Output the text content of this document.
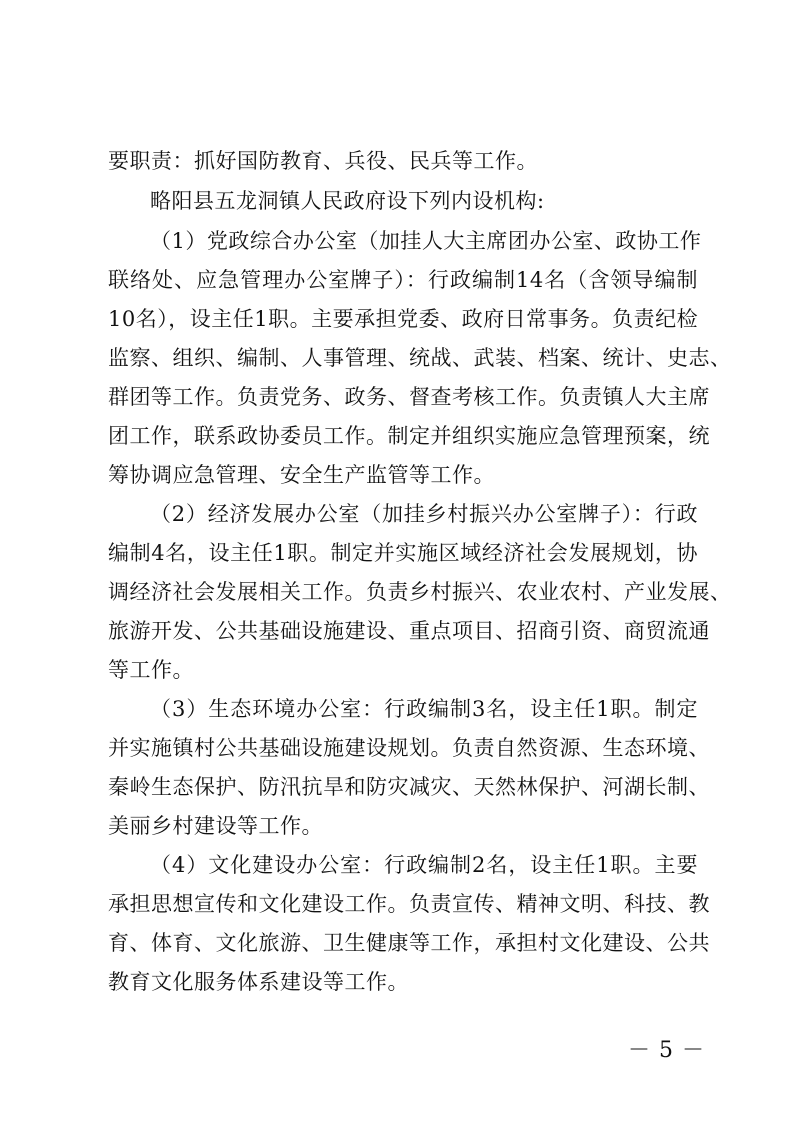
要职责：抓好国防教育、兵役、民兵等工作。
略阳县五龙洞镇人民政府设下列内设机构:
（1）党政综合办公室（加挂人大主席团办公室、政协工作
联络处、应急管理办公室牌子）：行政编制14名（含领导编制
10名），设主任1职。主要承担党委、政府日常事务。负责纪检
监察、组织、编制、人事管理、统战、武装、档案、统计、史志、
群团等工作。负责党务、政务、督查考核工作。负责镇人大主席
团工作，联系政协委员工作。制定并组织实施应急管理预案，统
筹协调应急管理、安全生产监管等工作。
（2）经济发展办公室（加挂乡村振兴办公室牌子）：行政
编制4名，设主任1职。制定并实施区域经济社会发展规划，协
调经济社会发展相关工作。负责乡村振兴、农业农村、产业发展、
旅游开发、公共基础设施建设、重点项目、招商引资、商贸流通
等工作。
（3）生态环境办公室：行政编制3名，设主任1职。制定
并实施镇村公共基础设施建设规划。负责自然资源、生态环境、
秦岭生态保护、防汛抗旱和防灾减灾、天然林保护、河湖长制、
美丽乡村建设等工作。
（4）文化建设办公室：行政编制2名，设主任1职。主要
承担思想宣传和文化建设工作。负责宣传、精神文明、科技、教
育、体育、文化旅游、卫生健康等工作，承担村文化建设、公共
教育文化服务体系建设等工作。
－ 5 －
